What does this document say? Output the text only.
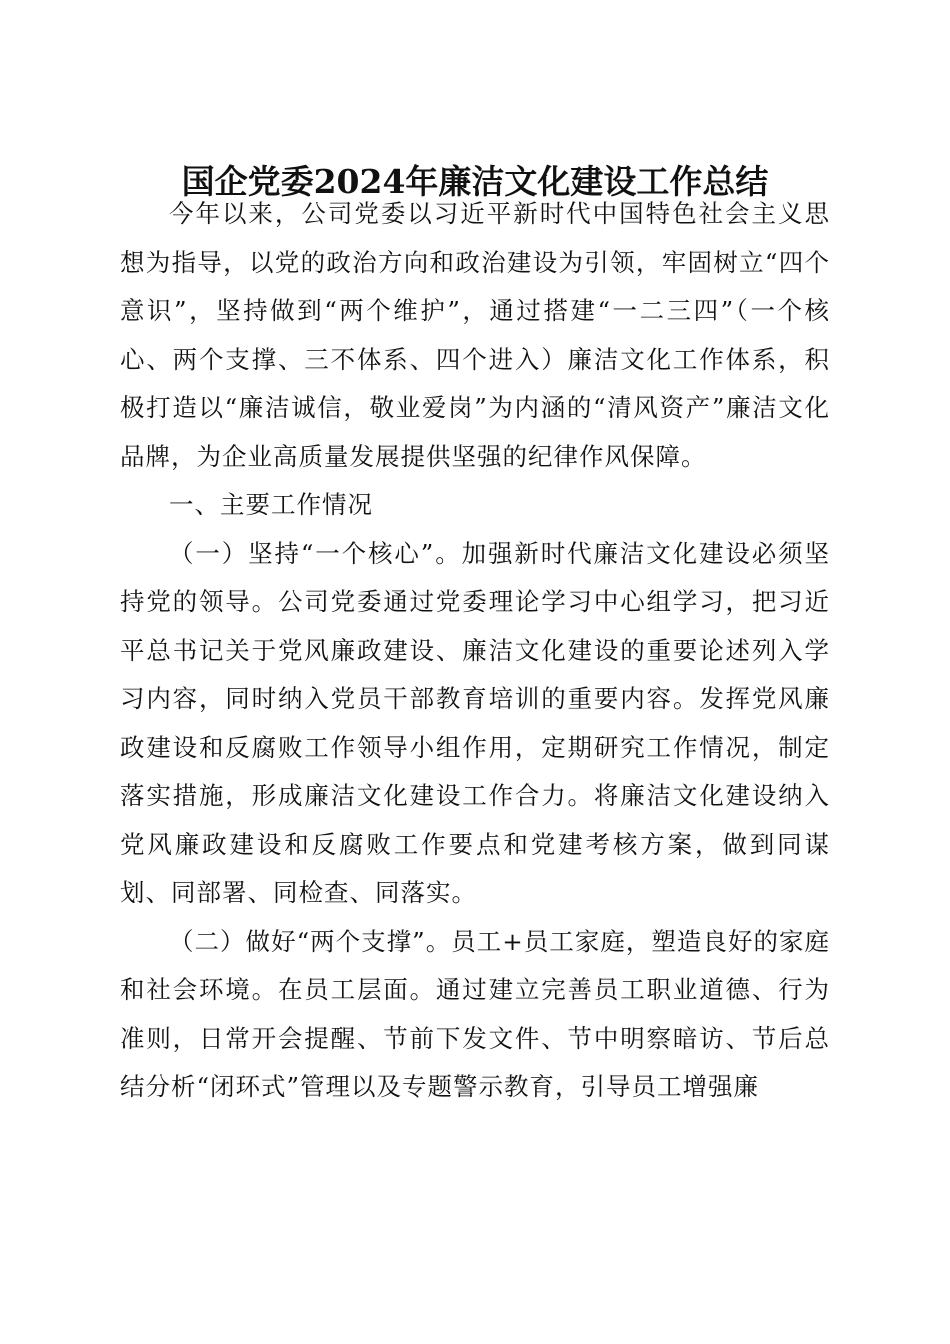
国企党委2024年廉洁文化建设工作总结

今年以来，公司党委以习近平新时代中国特色社会主义思想为指导，以党的政治方向和政治建设为引领，牢固树立“四个意识”，坚持做到“两个维护”，通过搭建“一二三四”（一个核心、两个支撑、三不体系、四个进入）廉洁文化工作体系，积极打造以“廉洁诚信，敬业爱岗”为内涵的“清风资产”廉洁文化品牌，为企业高质量发展提供坚强的纪律作风保障。

一、主要工作情况

（一）坚持“一个核心”。加强新时代廉洁文化建设必须坚持党的领导。公司党委通过党委理论学习中心组学习，把习近平总书记关于党风廉政建设、廉洁文化建设的重要论述列入学习内容，同时纳入党员干部教育培训的重要内容。发挥党风廉政建设和反腐败工作领导小组作用，定期研究工作情况，制定落实措施，形成廉洁文化建设工作合力。将廉洁文化建设纳入党风廉政建设和反腐败工作要点和党建考核方案，做到同谋划、同部署、同检查、同落实。

（二）做好“两个支撑”。员工+员工家庭，塑造良好的家庭和社会环境。在员工层面。通过建立完善员工职业道德、行为准则，日常开会提醒、节前下发文件、节中明察暗访、节后总结分析“闭环式”管理以及专题警示教育，引导员工增强廉
